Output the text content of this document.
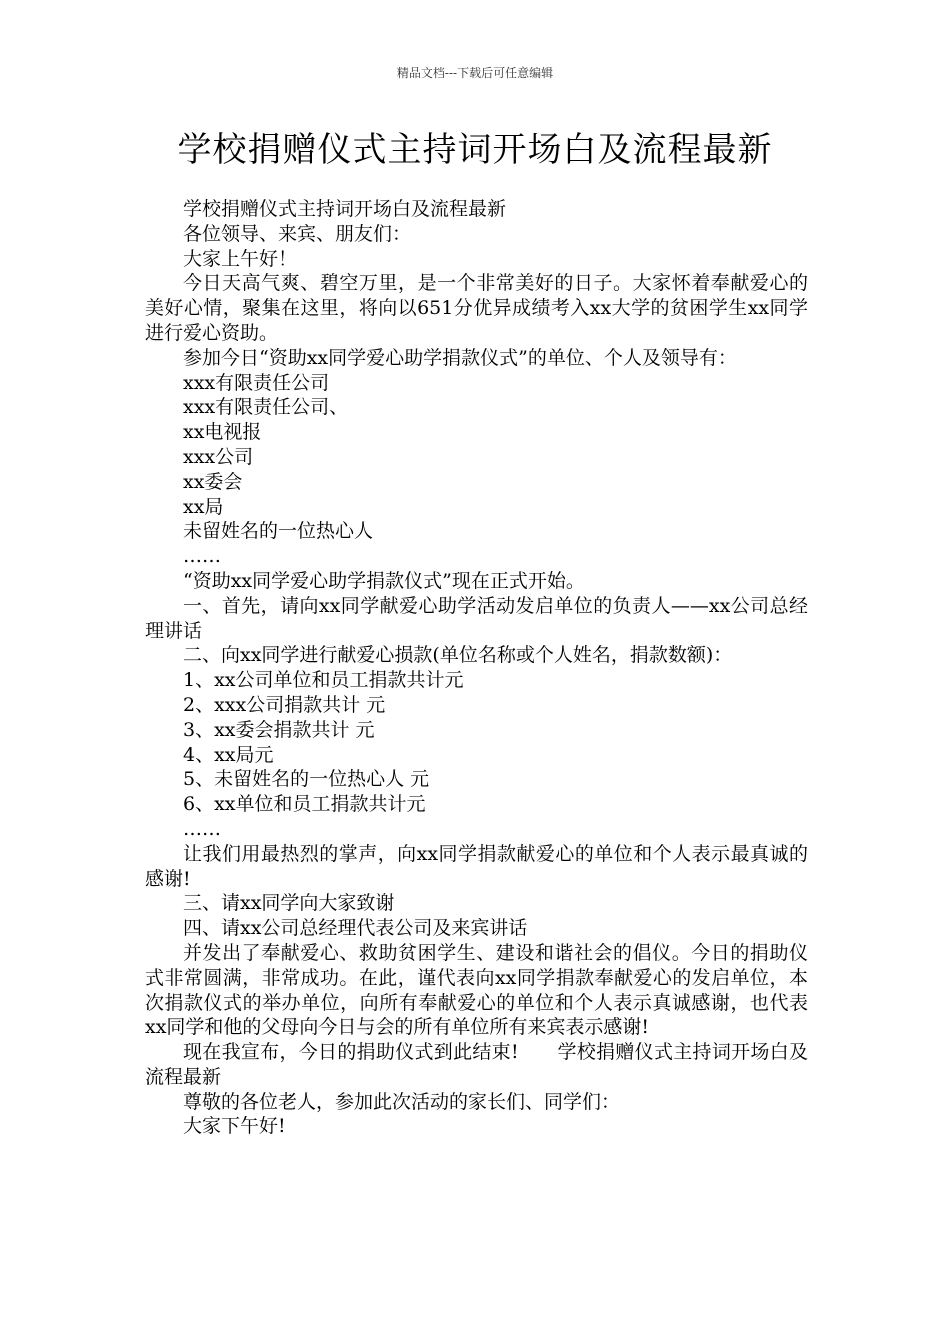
精品文档---下载后可任意编辑
学校捐赠仪式主持词开场白及流程最新

学校捐赠仪式主持词开场白及流程最新

各位领导、来宾、朋友们：

大家上午好！

今日天高气爽、碧空万里，是一个非常美好的日子。大家怀着奉献爱心的美好心情，聚集在这里，将向以651分优异成绩考入xx大学的贫困学生xx同学进行爱心资助。

参加今日“资助xx同学爱心助学捐款仪式”的单位、个人及领导有：

xxx有限责任公司

xxx有限责任公司、

xx电视报

xxx公司

xx委会

xx局

未留姓名的一位热心人

……

“资助xx同学爱心助学捐款仪式”现在正式开始。

一、首先，请向xx同学献爱心助学活动发启单位的负责人——xx公司总经理讲话

二、向xx同学进行献爱心损款(单位名称或个人姓名，捐款数额)：

1、xx公司单位和员工捐款共计元

2、xxx公司捐款共计 元

3、xx委会捐款共计 元

4、xx局元

5、未留姓名的一位热心人 元

6、xx单位和员工捐款共计元

……

让我们用最热烈的掌声，向xx同学捐款献爱心的单位和个人表示最真诚的感谢!

三、请xx同学向大家致谢

四、请xx公司总经理代表公司及来宾讲话

并发出了奉献爱心、救助贫困学生、建设和谐社会的倡仪。今日的捐助仪式非常圆满，非常成功。在此，谨代表向xx同学捐款奉献爱心的发启单位，本次捐款仪式的举办单位，向所有奉献爱心的单位和个人表示真诚感谢，也代表xx同学和他的父母向今日与会的所有单位所有来宾表示感谢!

现在我宣布，今日的捐助仪式到此结束!　　学校捐赠仪式主持词开场白及流程最新

尊敬的各位老人，参加此次活动的家长们、同学们：

大家下午好!
